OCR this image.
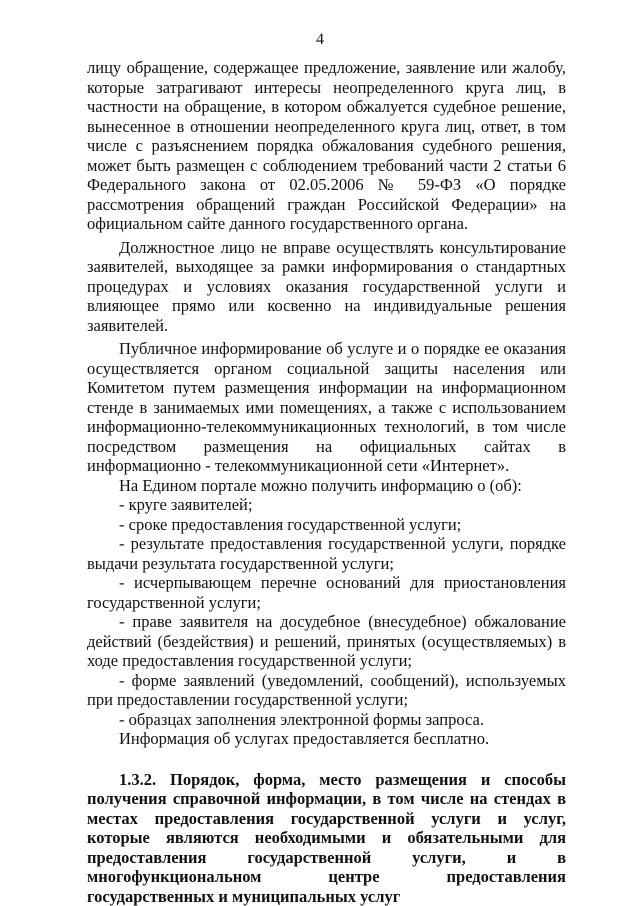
4

лицу обращение, содержащее предложение, заявление или жалобу, которые затрагивают интересы неопределенного круга лиц, в частности на обращение, в котором обжалуется судебное решение, вынесенное в отношении неопределенного круга лиц, ответ, в том числе с разъяснением порядка обжалования судебного решения, может быть размещен с соблюдением требований части 2 статьи 6 Федерального закона от 02.05.2006 № 59-ФЗ «О порядке рассмотрения обращений граждан Российской Федерации» на официальном сайте данного государственного органа.

Должностное лицо не вправе осуществлять консультирование заявителей, выходящее за рамки информирования о стандартных процедурах и условиях оказания государственной услуги и влияющее прямо или косвенно на индивидуальные решения заявителей.

Публичное информирование об услуге и о порядке ее оказания осуществляется органом социальной защиты населения или Комитетом путем размещения информации на информационном стенде в занимаемых ими помещениях, а также с использованием информационно-телекоммуникационных технологий, в том числе посредством размещения на официальных сайтах в информационно - телекоммуникационной сети «Интернет».

На Едином портале можно получить информацию о (об):

- круге заявителей;

- сроке предоставления государственной услуги;

- результате предоставления государственной услуги, порядке выдачи результата государственной услуги;

- исчерпывающем перечне оснований для приостановления государственной услуги;

- праве заявителя на досудебное (внесудебное) обжалование действий (бездействия) и решений, принятых (осуществляемых) в ходе предоставления государственной услуги;

- форме заявлений (уведомлений, сообщений), используемых при предоставлении государственной услуги;

- образцах заполнения электронной формы запроса.

Информация об услугах предоставляется бесплатно.

1.3.2. Порядок, форма, место размещения и способы получения справочной информации, в том числе на стендах в местах предоставления государственной услуги и услуг, которые являются необходимыми и обязательными для предоставления государственной услуги, и в многофункциональном центре предоставления государственных и муниципальных услуг
